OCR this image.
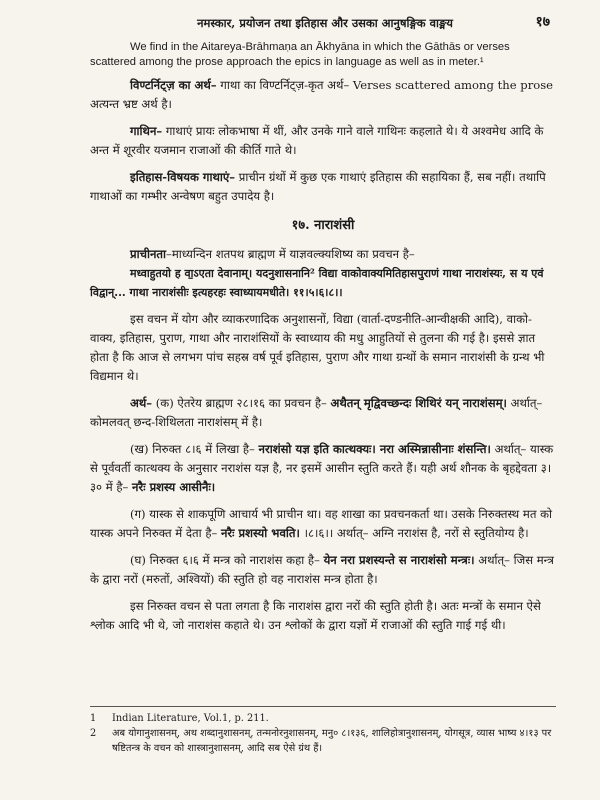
नमस्कार, प्रयोजन तथा इतिहास और उसका आनुषङ्गिक वाङ्मय	१७

We find in the Aitareya-Brāhmaṇa an Ākhyāna in which the Gāthās or verses scattered among the prose approach the epics in language as well as in meter.¹

विण्टर्निट्ज़ का अर्थ– गाथा का विण्टर्निट्ज़-कृत अर्थ– Verses scattered among the prose अत्यन्त भ्रष्ट अर्थ है।

गाथिन– गाथाएं प्रायः लोकभाषा में थीं, और उनके गाने वाले गाथिनः कहलाते थे। ये अश्वमेध आदि के अन्त में शूरवीर यजमान राजाओं की कीर्ति गाते थे।

इतिहास-विषयक गाथाएं– प्राचीन ग्रंथों में कुछ एक गाथाएं इतिहास की सहायिका हैं, सब नहीं। तथापि गाथाओं का गम्भीर अन्वेषण बहुत उपादेय है।

१७. नाराशंसी

प्राचीनता–माध्यन्दिन शतपथ ब्राह्मण में याज्ञवल्क्यशिष्य का प्रवचन है–

मध्वाहुतयो ह वा॒ऽएता देवानाम्। यदनुशासनानि² विद्या वाकोवाक्यमितिहासपुराणं गाथा नाराशंस्यः, स य एवं विद्वान्... गाथा नाराशंसीः इत्यहरहः स्वाध्यायमधीते। ११।५।६।८।।

इस वचन में योग और व्याकरणादिक अनुशासनों, विद्या (वार्ता-दण्डनीति-आन्वीक्षकी आदि), वाको-वाक्य, इतिहास, पुराण, गाथा और नाराशंसियों के स्वाध्याय की मधु आहुतियों से तुलना की गई है। इससे ज्ञात होता है कि आज से लगभग पांच सहस्र वर्ष पूर्व इतिहास, पुराण और गाथा ग्रन्थों के समान नाराशंसी के ग्रन्थ भी विद्यमान थे।

अर्थ– (क) ऐतरेय ब्राह्मण २८।१६ का प्रवचन है– अथैतन् मृद्विवच्छन्दः शिथिरं यन् नाराशंसम्। अर्थात्–कोमलवत् छन्द-शिथिलता नाराशंसम् में है।

(ख) निरुक्त ८।६ में लिखा है– नराशंसो यज्ञ इति कात्थक्यः। नरा अस्मिन्नासीनाः शंसन्ति। अर्थात्– यास्क से पूर्ववर्ती कात्थक्य के अनुसार नराशंस यज्ञ है, नर इसमें आसीन स्तुति करते हैं। यही अर्थ शौनक के बृहद्देवता ३।३० में है– नरैः प्रशस्य आसीनैः।

(ग) यास्क से शाकपूणि आचार्य भी प्राचीन था। वह शाखा का प्रवचनकर्ता था। उसके निरुक्तस्थ मत को यास्क अपने निरुक्त में देता है– नरैः प्रशस्यो भवति। ।८।६।। अर्थात्– अग्नि नराशंस है, नरों से स्तुतियोग्य है।

(घ) निरुक्त ६।६ में मन्त्र को नाराशंस कहा है– येन नरा प्रशस्यन्ते स नाराशंसो मन्त्रः। अर्थात्– जिस मन्त्र के द्वारा नरों (मरुतों, अश्वियों) की स्तुति हो वह नाराशंस मन्त्र होता है।

इस निरुक्त वचन से पता लगता है कि नाराशंस द्वारा नरों की स्तुति होती है। अतः मन्त्रों के समान ऐसे श्लोक आदि भी थे, जो नाराशंस कहाते थे। उन श्लोकों के द्वारा यज्ञों में राजाओं की स्तुति गाई गई थी।

1	Indian Literature, Vol.1, p. 211.
2	अब योगानुशासनम्, अथ शब्दानुशासनम्, तन्मनोरनुशासनम्, मनु० ८।१३६, शालिहोत्रानुशासनम्, योगसूत्र, व्यास भाष्य ४।१३ पर षष्टितन्त्र के वचन को शास्त्रानुशासनम्, आदि सब ऐसे ग्रंथ हैं।
